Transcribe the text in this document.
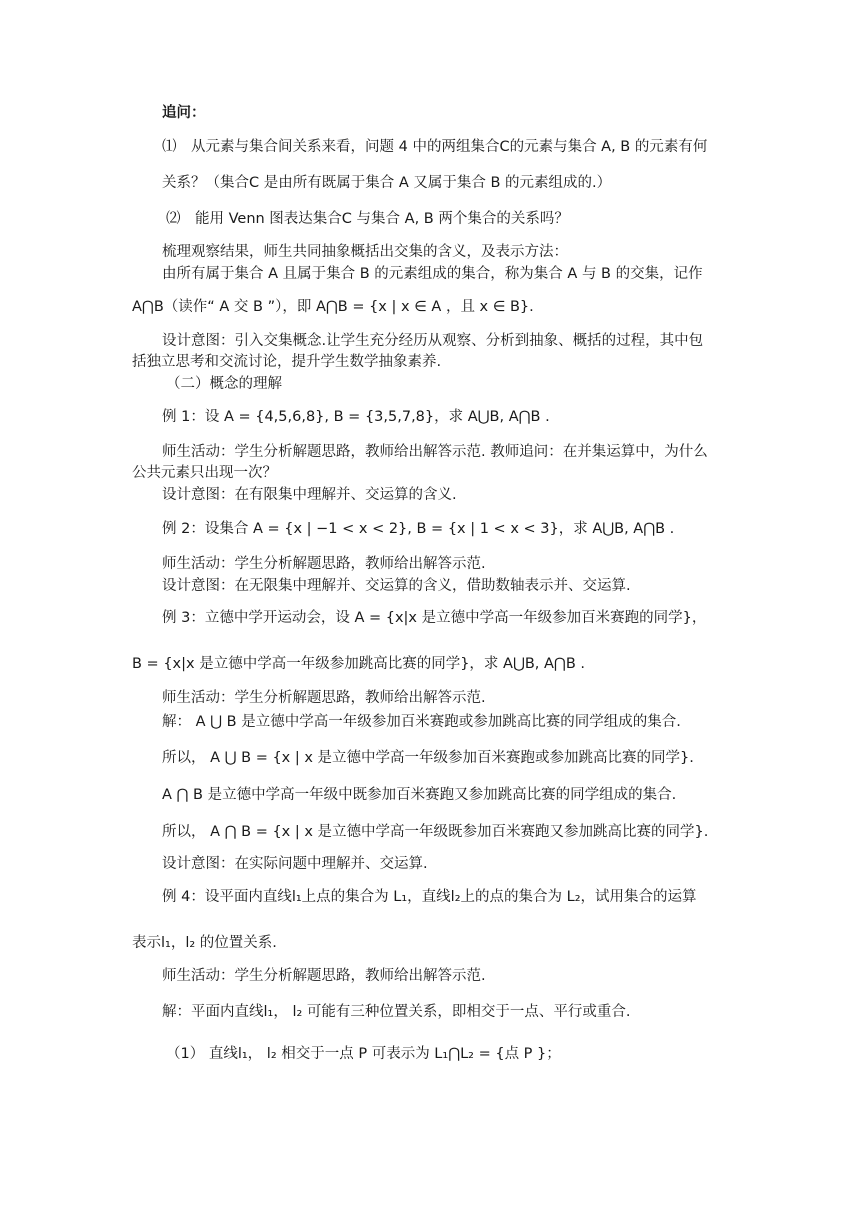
追问：
⑴　从元素与集合间关系来看，问题 4 中的两组集合C的元素与集合 A, B 的元素有何
关系？（集合C 是由所有既属于集合 A 又属于集合 B 的元素组成的.）
⑵　能用 Venn 图表达集合C 与集合 A, B 两个集合的关系吗？
梳理观察结果，师生共同抽象概括出交集的含义，及表示方法：
由所有属于集合 A 且属于集合 B 的元素组成的集合，称为集合 A 与 B 的交集，记作
A⋂B（读作“ A 交 B ”），即 A⋂B = {x | x ∈ A ，且 x ∈ B}.
设计意图：引入交集概念.让学生充分经历从观察、分析到抽象、概括的过程，其中包
括独立思考和交流讨论，提升学生数学抽象素养.
（二）概念的理解
例 1：设 A = {4,5,6,8}, B = {3,5,7,8}，求 A⋃B, A⋂B .
师生活动：学生分析解题思路，教师给出解答示范. 教师追问：在并集运算中，为什么
公共元素只出现一次？
设计意图：在有限集中理解并、交运算的含义.
例 2：设集合 A = {x | −1 < x < 2}, B = {x | 1 < x < 3}，求 A⋃B, A⋂B .
师生活动：学生分析解题思路，教师给出解答示范.
设计意图：在无限集中理解并、交运算的含义，借助数轴表示并、交运算.
例 3：立德中学开运动会，设 A = {x|x 是立德中学高一年级参加百米赛跑的同学}，
B = {x|x 是立德中学高一年级参加跳高比赛的同学}，求 A⋃B, A⋂B .
师生活动：学生分析解题思路，教师给出解答示范.
解： A ⋃ B 是立德中学高一年级参加百米赛跑或参加跳高比赛的同学组成的集合.
所以， A ⋃ B = {x | x 是立德中学高一年级参加百米赛跑或参加跳高比赛的同学}.
A ⋂ B 是立德中学高一年级中既参加百米赛跑又参加跳高比赛的同学组成的集合.
所以， A ⋂ B = {x | x 是立德中学高一年级既参加百米赛跑又参加跳高比赛的同学}.
设计意图：在实际问题中理解并、交运算.
例 4：设平面内直线l₁上点的集合为 L₁，直线l₂上的点的集合为 L₂，试用集合的运算
表示l₁，l₂ 的位置关系.
师生活动：学生分析解题思路，教师给出解答示范.
解：平面内直线l₁， l₂ 可能有三种位置关系，即相交于一点、平行或重合.
（1） 直线l₁， l₂ 相交于一点 P 可表示为 L₁⋂L₂ = {点 P }；
